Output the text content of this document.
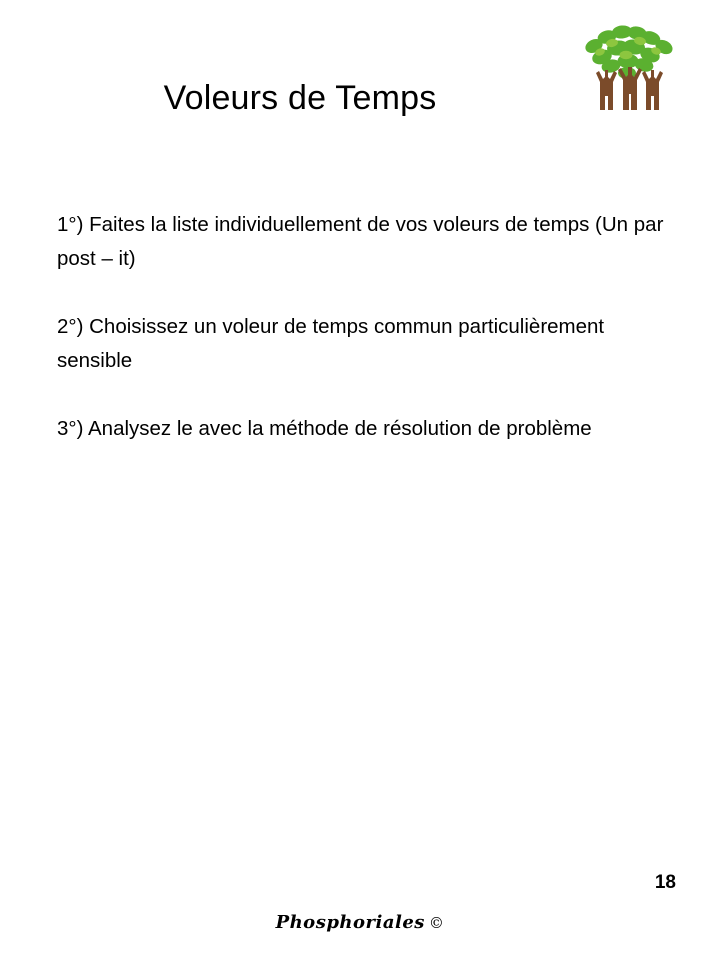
Voleurs de Temps

1°) Faites la liste individuellement de vos voleurs de temps (Un par post – it)

2°) Choisissez un voleur de temps commun particulièrement sensible

3°) Analysez le avec la méthode de résolution de problème

18
Phosphoriales ©
